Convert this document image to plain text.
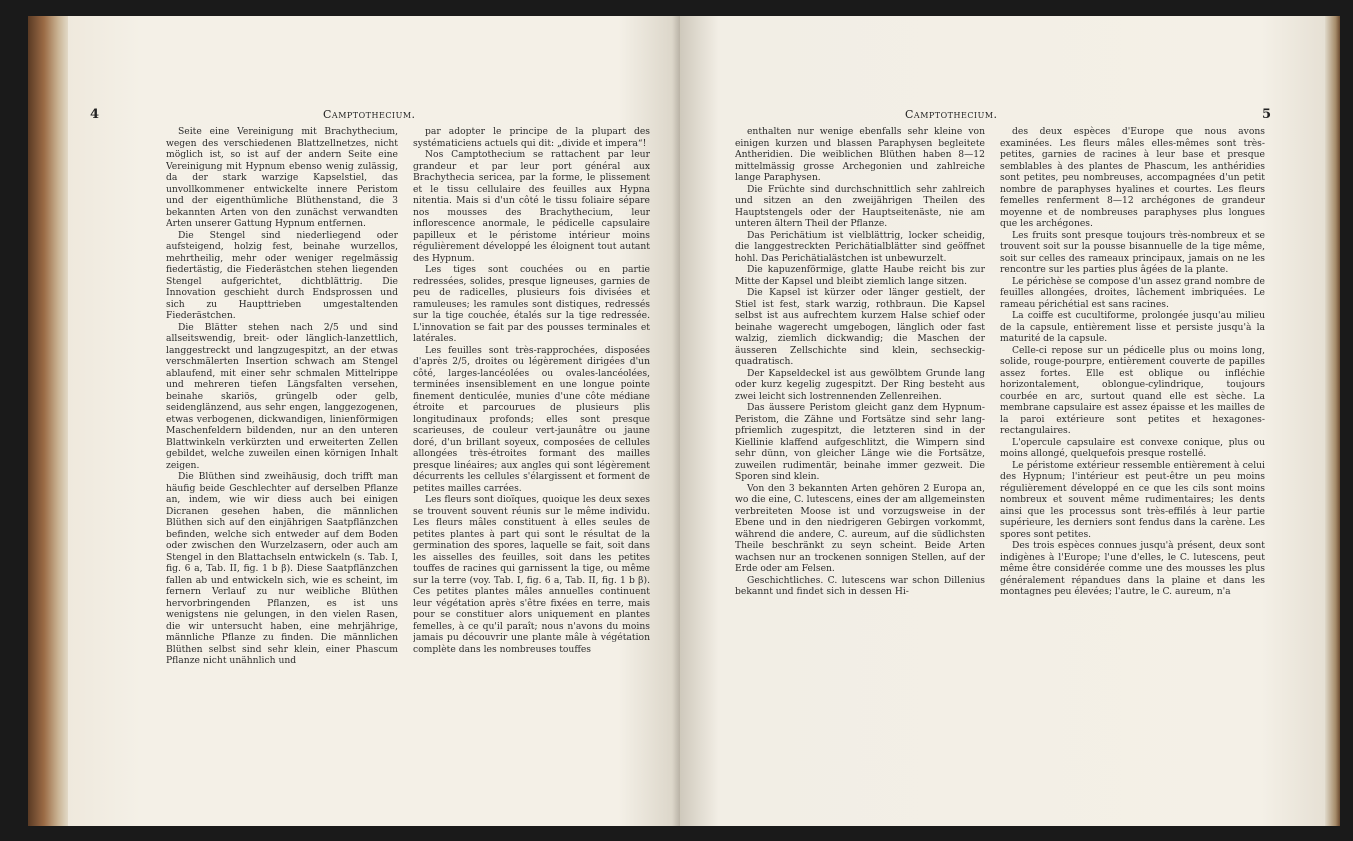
4	Camptothecium.

Seite eine Vereinigung mit Brachythecium, wegen des verschiedenen Blattzellnetzes, nicht möglich ist, so ist auf der andern Seite eine Vereinigung mit Hypnum ebenso wenig zulässig, da der stark warzige Kapselstiel, das unvollkommener entwickelte innere Peristom und der eigenthümliche Blüthenstand, die 3 bekannten Arten von den zunächst verwandten Arten unserer Gattung Hypnum entfernen.

Die Stengel sind niederliegend oder aufsteigend, holzig fest, beinahe wurzellos, mehrtheilig, mehr oder weniger regelmässig fiedertästig, die Fiederästchen stehen liegenden Stengel aufgerichtet, dichtblättrig. Die Innovation geschieht durch Endsprossen und sich zu Haupttrieben umgestaltenden Fiederästchen.

Die Blätter stehen nach 2/5 und sind allseitswendig, breit- oder länglich-lanzettlich, langgestreckt und langzugespitzt, an der etwas verschmälerten Insertion schwach am Stengel ablaufend, mit einer sehr schmalen Mittelrippe und mehreren tiefen Längsfalten versehen, beinahe skariös, grüngelb oder gelb, seidenglänzend, aus sehr engen, langgezogenen, etwas verbogenen, dickwandigen, linienförmigen Maschenfeldern bildenden, nur an den unteren Blattwinkeln verkürzten und erweiterten Zellen gebildet, welche zuweilen einen körnigen Inhalt zeigen.

Die Blüthen sind zweihäusig, doch trifft man häufig beide Geschlechter auf derselben Pflanze an, indem, wie wir diess auch bei einigen Dicranen gesehen haben, die männlichen Blüthen sich auf den einjährigen Saatpflänzchen befinden, welche sich entweder auf dem Boden oder zwischen den Wurzelzasern, oder auch am Stengel in den Blattachseln entwickeln (s. Tab. I, fig. 6 a, Tab. II, fig. 1 b β). Diese Saatpflänzchen fallen ab und entwickeln sich, wie es scheint, im fernern Verlauf zu nur weibliche Blüthen hervorbringenden Pflanzen, es ist uns wenigstens nie gelungen, in den vielen Rasen, die wir untersucht haben, eine mehrjährige, männliche Pflanze zu finden. Die männlichen Blüthen selbst sind sehr klein, einer Phascum Pflanze nicht unähnlich und

par adopter le principe de la plupart des systématiciens actuels qui dit: „divide et impera“!

Nos Camptothecium se rattachent par leur grandeur et par leur port général aux Brachythecia sericea, par la forme, le plissement et le tissu cellulaire des feuilles aux Hypna nitentia. Mais si d'un côté le tissu foliaire sépare nos mousses des Brachythecium, leur inflorescence anormale, le pédicelle capsulaire papilleux et le péristome intérieur moins régulièrement développé les éloignent tout autant des Hypnum.

Les tiges sont couchées ou en partie redressées, solides, presque ligneuses, garnies de peu de radicelles, plusieurs fois divisées et ramuleuses; les ramules sont distiques, redressés sur la tige couchée, étalés sur la tige redressée. L'innovation se fait par des pousses terminales et latérales.

Les feuilles sont très-rapprochées, disposées d'après 2/5, droites ou légèrement dirigées d'un côté, larges-lancéolées ou ovales-lancéolées, terminées insensiblement en une longue pointe finement denticulée, munies d'une côte médiane étroite et parcourues de plusieurs plis longitudinaux profonds; elles sont presque scarieuses, de couleur vert-jaunâtre ou jaune doré, d'un brillant soyeux, composées de cellules allongées très-étroites formant des mailles presque linéaires; aux angles qui sont légèrement décurrents les cellules s'élargissent et forment de petites mailles carrées.

Les fleurs sont dioïques, quoique les deux sexes se trouvent souvent réunis sur le même individu. Les fleurs mâles constituent à elles seules de petites plantes à part qui sont le résultat de la germination des spores, laquelle se fait, soit dans les aisselles des feuilles, soit dans les petites touffes de racines qui garnissent la tige, ou même sur la terre (voy. Tab. I, fig. 6 a, Tab. II, fig. 1 b β). Ces petites plantes mâles annuelles continuent leur végétation après s'être fixées en terre, mais pour se constituer alors uniquement en plantes femelles, à ce qu'il paraît; nous n'avons du moins jamais pu découvrir une plante mâle à végétation complète dans les nombreuses touffes

Camptothecium.	5

enthalten nur wenige ebenfalls sehr kleine von einigen kurzen und blassen Paraphysen begleitete Antheridien. Die weiblichen Blüthen haben 8—12 mittelmässig grosse Archegonien und zahlreiche lange Paraphysen.

Die Früchte sind durchschnittlich sehr zahlreich und sitzen an den zweijährigen Theilen des Hauptstengels oder der Hauptseitenäste, nie am unteren ältern Theil der Pflanze.

Das Perichätium ist vielblättrig, locker scheidig, die langgestreckten Perichätialblätter sind geöffnet hohl. Das Perichätialästchen ist unbewurzelt.

Die kapuzenförmige, glatte Haube reicht bis zur Mitte der Kapsel und bleibt ziemlich lange sitzen.

Die Kapsel ist kürzer oder länger gestielt, der Stiel ist fest, stark warzig, rothbraun. Die Kapsel selbst ist aus aufrechtem kurzem Halse schief oder beinahe wagerecht umgebogen, länglich oder fast walzig, ziemlich dickwandig; die Maschen der äusseren Zellschichte sind klein, sechseckig-quadratisch.

Der Kapseldeckel ist aus gewölbtem Grunde lang oder kurz kegelig zugespitzt. Der Ring besteht aus zwei leicht sich lostrennenden Zellenreihen.

Das äussere Peristom gleicht ganz dem Hypnum-Peristom, die Zähne und Fortsätze sind sehr lang-pfriemlich zugespitzt, die letzteren sind in der Kiellinie klaffend aufgeschlitzt, die Wimpern sind sehr dünn, von gleicher Länge wie die Fortsätze, zuweilen rudimentär, beinahe immer gezweit. Die Sporen sind klein.

Von den 3 bekannten Arten gehören 2 Europa an, wo die eine, C. lutescens, eines der am allgemeinsten verbreiteten Moose ist und vorzugsweise in der Ebene und in den niedrigeren Gebirgen vorkommt, während die andere, C. aureum, auf die südlichsten Theile beschränkt zu seyn scheint. Beide Arten wachsen nur an trockenen sonnigen Stellen, auf der Erde oder am Felsen.

Geschichtliches. C. lutescens war schon Dillenius bekannt und findet sich in dessen Hi-

des deux espèces d'Europe que nous avons examinées. Les fleurs mâles elles-mêmes sont très-petites, garnies de racines à leur base et presque semblables à des plantes de Phascum, les anthéridies sont petites, peu nombreuses, accompagnées d'un petit nombre de paraphyses hyalines et courtes. Les fleurs femelles renferment 8—12 archégones de grandeur moyenne et de nombreuses paraphyses plus longues que les archégones.

Les fruits sont presque toujours très-nombreux et se trouvent soit sur la pousse bisannuelle de la tige même, soit sur celles des rameaux principaux, jamais on ne les rencontre sur les parties plus âgées de la plante.

Le périchèse se compose d'un assez grand nombre de feuilles allongées, droites, lâchement imbriquées. Le rameau périchétial est sans racines.

La coiffe est cucultiforme, prolongée jusqu'au milieu de la capsule, entièrement lisse et persiste jusqu'à la maturité de la capsule.

Celle-ci repose sur un pédicelle plus ou moins long, solide, rouge-pourpre, entièrement couverte de papilles assez fortes. Elle est oblique ou infléchie horizontalement, oblongue-cylindrique, toujours courbée en arc, surtout quand elle est sèche. La membrane capsulaire est assez épaisse et les mailles de la paroi extérieure sont petites et hexagones-rectangulaires.

L'opercule capsulaire est convexe conique, plus ou moins allongé, quelquefois presque rostellé.

Le péristome extérieur ressemble entièrement à celui des Hypnum; l'intérieur est peut-être un peu moins régulièrement développé en ce que les cils sont moins nombreux et souvent même rudimentaires; les dents ainsi que les processus sont très-effilés à leur partie supérieure, les derniers sont fendus dans la carène. Les spores sont petites.

Des trois espèces connues jusqu'à présent, deux sont indigènes à l'Europe; l'une d'elles, le C. lutescens, peut même être considérée comme une des mousses les plus généralement répandues dans la plaine et dans les montagnes peu élevées; l'autre, le C. aureum, n'a
